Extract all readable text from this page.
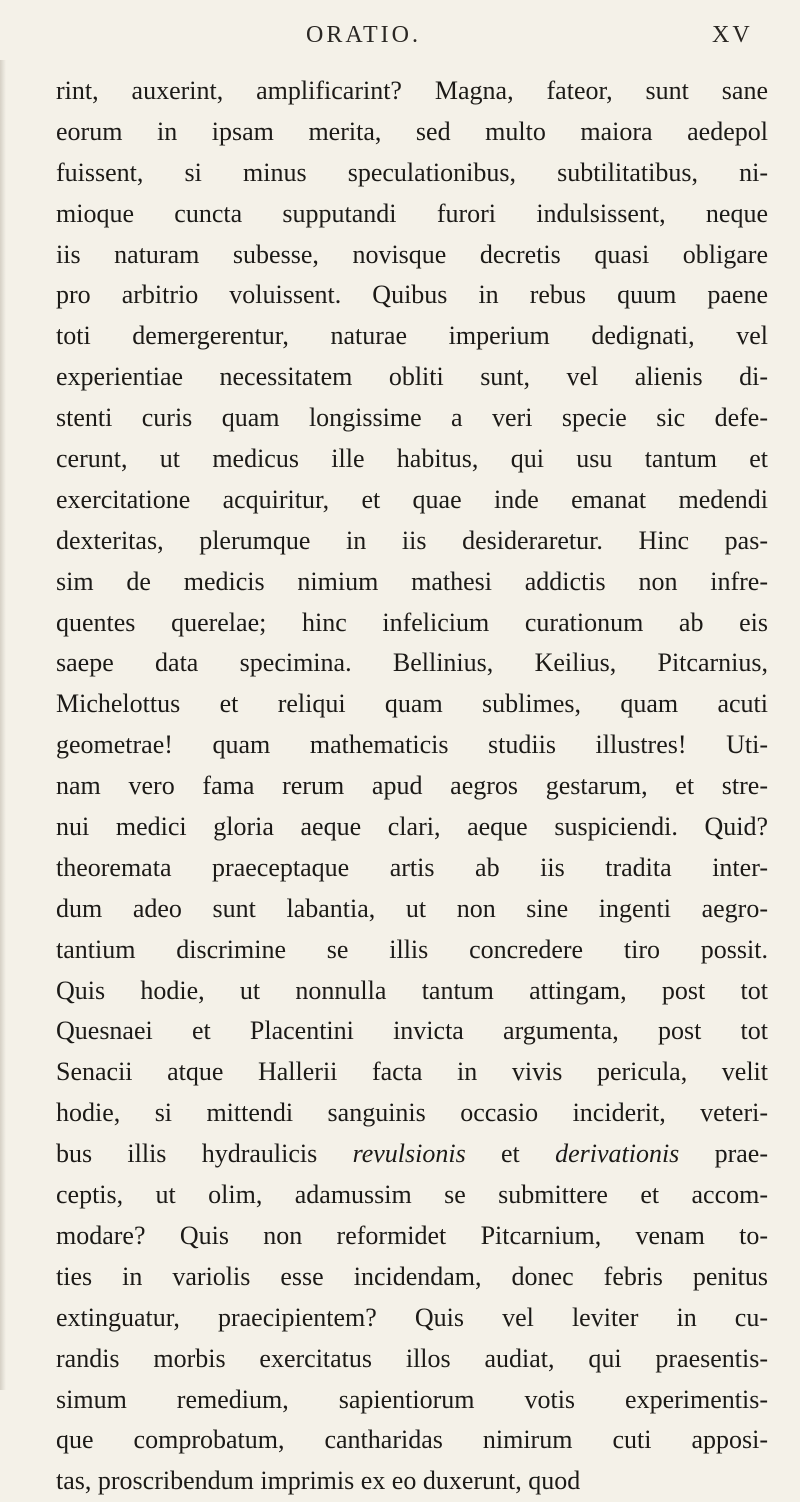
ORATIO.	XV
rint, auxerint, amplificarint? Magna, fateor, sunt sane
eorum in ipsam merita, sed multo maiora aedepol
fuissent, si minus speculationibus, subtilitatibus, ni-
mioque cuncta supputandi furori indulsissent, neque
iis naturam subesse, novisque decretis quasi obligare
pro arbitrio voluissent. Quibus in rebus quum paene
toti demergerentur, naturae imperium dedignati, vel
experientiae necessitatem obliti sunt, vel alienis di-
stenti curis quam longissime a veri specie sic defe-
cerunt, ut medicus ille habitus, qui usu tantum et
exercitatione acquiritur, et quae inde emanat medendi
dexteritas, plerumque in iis desideraretur. Hinc pas-
sim de medicis nimium mathesi addictis non infre-
quentes querelae; hinc infelicium curationum ab eis
saepe data specimina. Bellinius, Keilius, Pitcarnius,
Michelottus et reliqui quam sublimes, quam acuti
geometrae! quam mathematicis studiis illustres! Uti-
nam vero fama rerum apud aegros gestarum, et stre-
nui medici gloria aeque clari, aeque suspiciendi. Quid?
theoremata praeceptaque artis ab iis tradita inter-
dum adeo sunt labantia, ut non sine ingenti aegro-
tantium discrimine se illis concredere tiro possit.
Quis hodie, ut nonnulla tantum attingam, post tot
Quesnaei et Placentini invicta argumenta, post tot
Senacii atque Hallerii facta in vivis pericula, velit
hodie, si mittendi sanguinis occasio inciderit, veteri-
bus illis hydraulicis revulsionis et derivationis prae-
ceptis, ut olim, adamussim se submittere et accom-
modare? Quis non reformidet Pitcarnium, venam to-
ties in variolis esse incidendam, donec febris penitus
extinguatur, praecipientem? Quis vel leviter in cu-
randis morbis exercitatus illos audiat, qui praesentis-
simum remedium, sapientiorum votis experimentis-
que comprobatum, cantharidas nimirum cuti apposi-
tas, proscribendum imprimis ex eo duxerunt, quod
